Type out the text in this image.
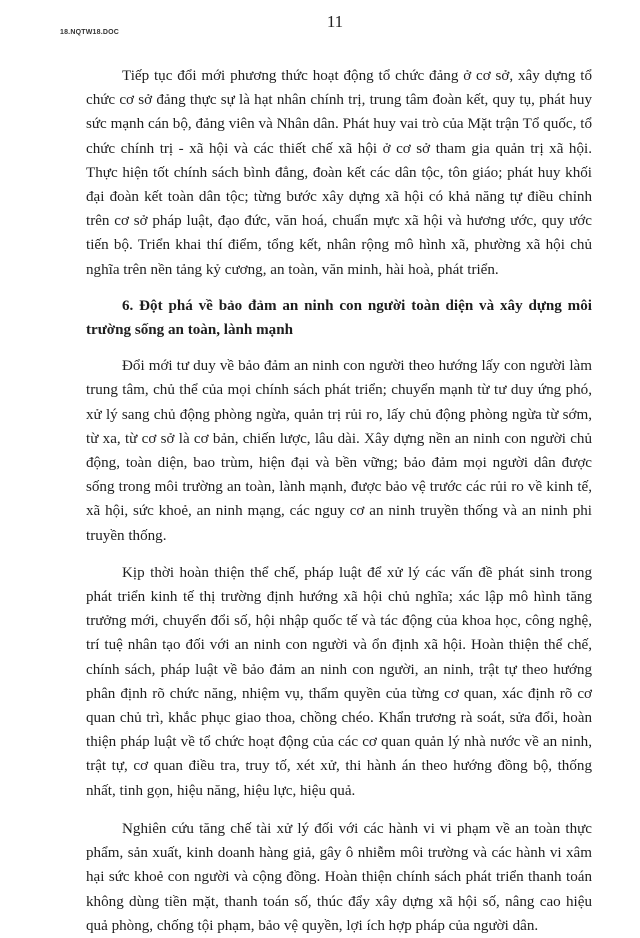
18.NQTW18.DOC
11

Tiếp tục đổi mới phương thức hoạt động tổ chức đảng ở cơ sở, xây dựng tổ chức cơ sở đảng thực sự là hạt nhân chính trị, trung tâm đoàn kết, quy tụ, phát huy sức mạnh cán bộ, đảng viên và Nhân dân. Phát huy vai trò của Mặt trận Tổ quốc, tổ chức chính trị - xã hội và các thiết chế xã hội ở cơ sở tham gia quản trị xã hội. Thực hiện tốt chính sách bình đẳng, đoàn kết các dân tộc, tôn giáo; phát huy khối đại đoàn kết toàn dân tộc; từng bước xây dựng xã hội có khả năng tự điều chỉnh trên cơ sở pháp luật, đạo đức, văn hoá, chuẩn mực xã hội và hương ước, quy ước tiến bộ. Triển khai thí điểm, tổng kết, nhân rộng mô hình xã, phường xã hội chủ nghĩa trên nền tảng kỷ cương, an toàn, văn minh, hài hoà, phát triển.

6. Đột phá về bảo đảm an ninh con người toàn diện và xây dựng môi trường sống an toàn, lành mạnh

Đổi mới tư duy về bảo đảm an ninh con người theo hướng lấy con người làm trung tâm, chủ thể của mọi chính sách phát triển; chuyển mạnh từ tư duy ứng phó, xử lý sang chủ động phòng ngừa, quản trị rủi ro, lấy chủ động phòng ngừa từ sớm, từ xa, từ cơ sở là cơ bản, chiến lược, lâu dài. Xây dựng nền an ninh con người chủ động, toàn diện, bao trùm, hiện đại và bền vững; bảo đảm mọi người dân được sống trong môi trường an toàn, lành mạnh, được bảo vệ trước các rủi ro về kinh tế, xã hội, sức khoẻ, an ninh mạng, các nguy cơ an ninh truyền thống và an ninh phi truyền thống.

Kịp thời hoàn thiện thể chế, pháp luật để xử lý các vấn đề phát sinh trong phát triển kinh tế thị trường định hướng xã hội chủ nghĩa; xác lập mô hình tăng trưởng mới, chuyển đổi số, hội nhập quốc tế và tác động của khoa học, công nghệ, trí tuệ nhân tạo đối với an ninh con người và ổn định xã hội. Hoàn thiện thể chế, chính sách, pháp luật về bảo đảm an ninh con người, an ninh, trật tự theo hướng phân định rõ chức năng, nhiệm vụ, thẩm quyền của từng cơ quan, xác định rõ cơ quan chủ trì, khắc phục giao thoa, chồng chéo. Khẩn trương rà soát, sửa đổi, hoàn thiện pháp luật về tổ chức hoạt động của các cơ quan quản lý nhà nước về an ninh, trật tự, cơ quan điều tra, truy tố, xét xử, thi hành án theo hướng đồng bộ, thống nhất, tinh gọn, hiệu năng, hiệu lực, hiệu quả.

Nghiên cứu tăng chế tài xử lý đối với các hành vi vi phạm về an toàn thực phẩm, sản xuất, kinh doanh hàng giả, gây ô nhiễm môi trường và các hành vi xâm hại sức khoẻ con người và cộng đồng. Hoàn thiện chính sách phát triển thanh toán không dùng tiền mặt, thanh toán số, thúc đẩy xây dựng xã hội số, nâng cao hiệu quả phòng, chống tội phạm, bảo vệ quyền, lợi ích hợp pháp của người dân.
